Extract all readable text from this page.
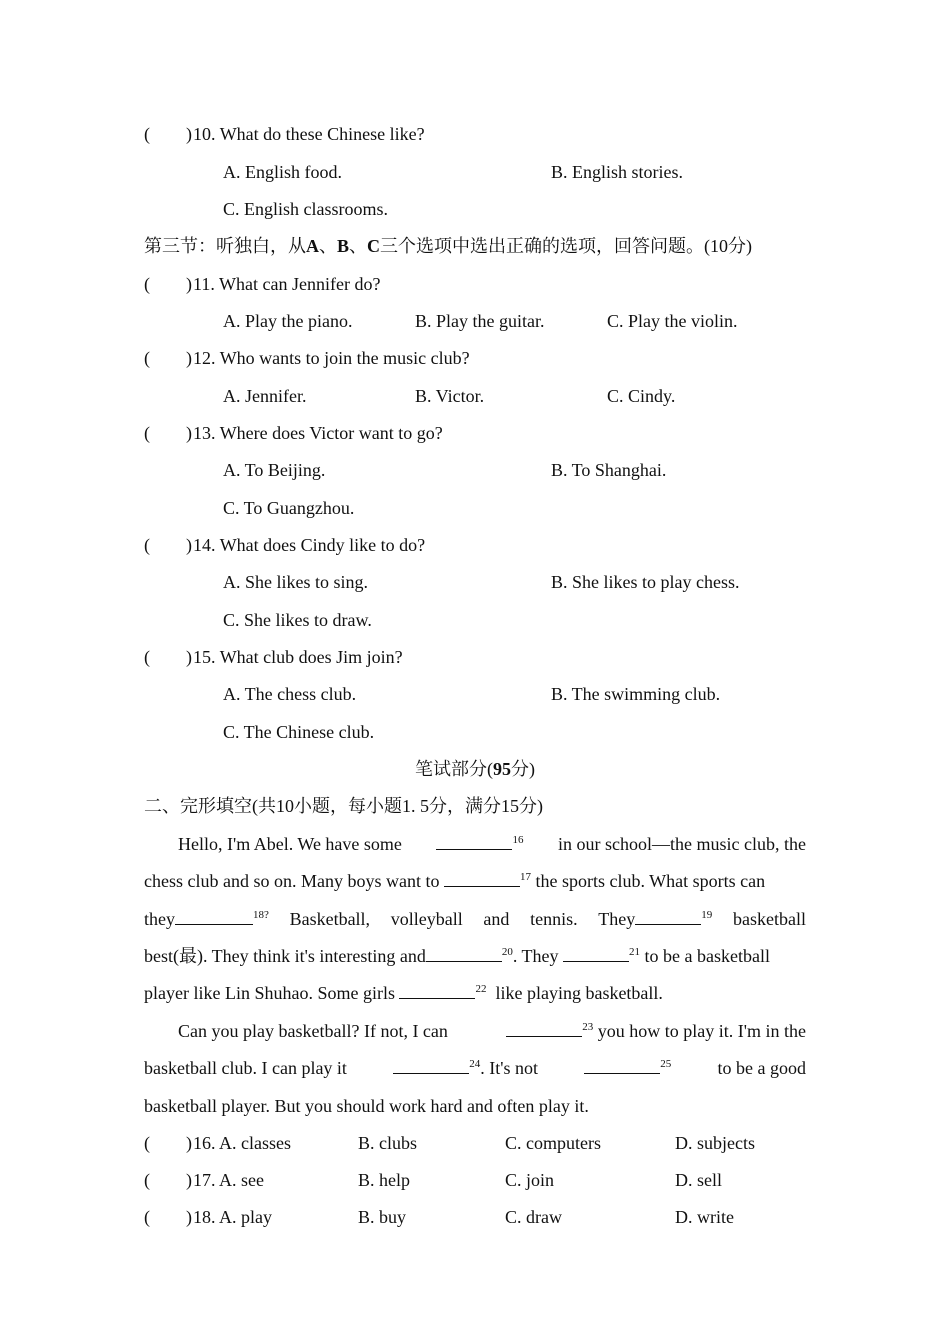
( ) 10. What do these Chinese like?
A. English food.	B. English stories.
C. English classrooms.
第三节：听独白，从A、B、C三个选项中选出正确的选项，回答问题。(10分)
( ) 11. What can Jennifer do?
A. Play the piano.	B. Play the guitar.	C. Play the violin.
( ) 12. Who wants to join the music club?
A. Jennifer.	B. Victor.	C. Cindy.
( ) 13. Where does Victor want to go?
A. To Beijing.	B. To Shanghai.
C. To Guangzhou.
( ) 14. What does Cindy like to do?
A. She likes to sing.	B. She likes to play chess.
C. She likes to draw.
( ) 15. What club does Jim join?
A. The chess club.	B. The swimming club.
C. The Chinese club.
笔试部分(95分)
二、完形填空(共10小题，每小题1. 5分，满分15分)
Hello, I'm Abel. We have some	$^{16}$ in our school—the music club, the
chess club and so on. Many boys want to	$^{17}$ the sports club. What sports can
they	$^{18?}$ Basketball, volleyball and tennis. They	$^{19}$ basketball
best(最). They think it's interesting and	$^{20}$. They	$^{21}$ to be a basketball
player like Lin Shuhao. Some girls	$^{22}$ like playing basketball.
Can you play basketball? If not, I can	$^{23}$ you how to play it. I'm in the
basketball club. I can play it	$^{24}$. It's not	$^{25}$	to be a good
basketball player. But you should work hard and often play it.
( ) 16. A. classes	B. clubs	C. computers	D. subjects
( ) 17. A. see	B. help	C. join	D. sell
( ) 18. A. play	B. buy	C. draw	D. write
